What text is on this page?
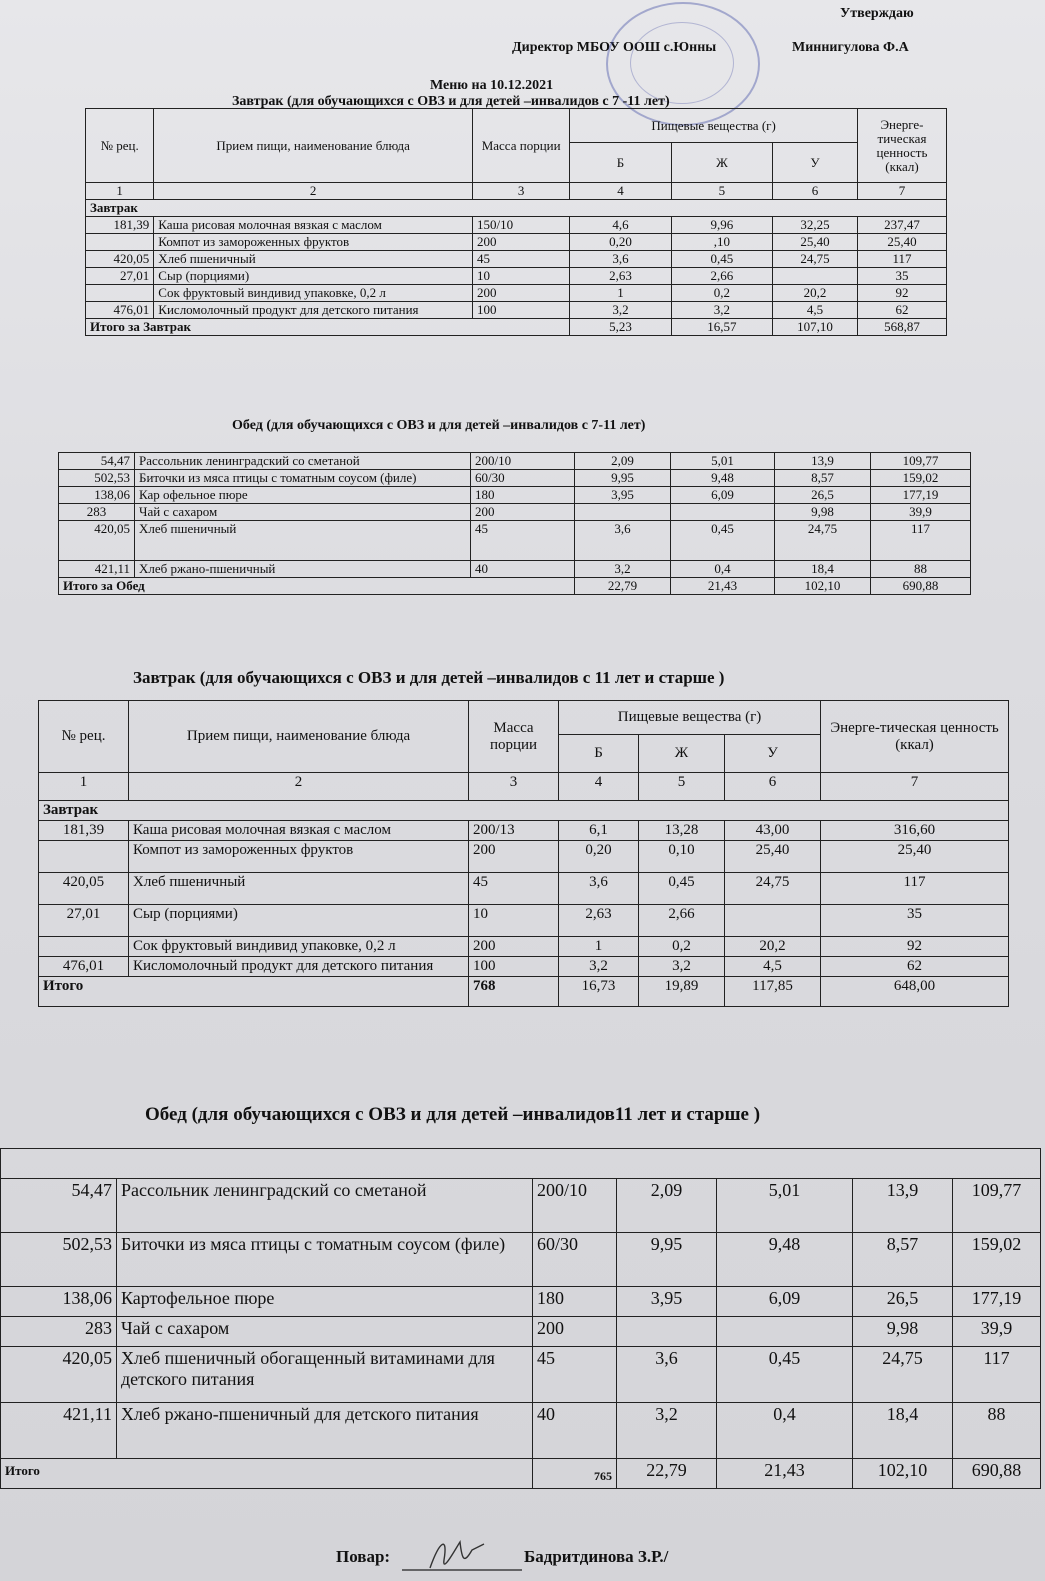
Утверждаю
Директор МБОУ ООШ с.Юнны	Миннигулова Ф.А
Меню на 10.12.2021
Завтрак (для обучающихся с ОВЗ и для детей –инвалидов с 7 -11 лет)
№ рец.	Прием пищи, наименование блюда	Масса порции	Пищевые вещества (г)			Энерге-тическая ценность (ккал)
			Б	Ж	У	
1	2	3	4	5	6	7
Завтрак						
181,39	Каша рисовая молочная вязкая с маслом	150/10	4,6	9,96	32,25	237,47
	Компот из замороженных фруктов	200	0,20	,10	25,40	25,40
420,05	Хлеб пшеничный	45	3,6	0,45	24,75	117
27,01	Сыр (порциями)	10	2,63	2,66		35
	Сок фруктовый виндивид упаковке, 0,2 л	200	1	0,2	20,2	92
476,01	Кисломолочный продукт для детского питания	100	3,2	3,2	4,5	62
Итого за Завтрак			5,23	16,57	107,10	568,87
Обед (для обучающихся с ОВЗ и для детей –инвалидов с 7-11 лет)
54,47	Рассольник ленинградский со сметаной	200/10	2,09	5,01	13,9	109,77
502,53	Биточки из мяса птицы с томатным соусом (филе)	60/30	9,95	9,48	8,57	159,02
138,06	Кар офельное пюре	180	3,95	6,09	26,5	177,19
283	Чай с сахаром	200			9,98	39,9
420,05	Хлеб пшеничный	45	3,6	0,45	24,75	117
421,11	Хлеб ржано-пшеничный	40	3,2	0,4	18,4	88
Итого за Обед			22,79	21,43	102,10	690,88
Завтрак (для обучающихся с ОВЗ и для детей –инвалидов с 11 лет и старше )
№ рец.	Прием пищи, наименование блюда	Масса порции	Пищевые вещества (г)			Энерге-тическая ценность (ккал)
			Б	Ж	У	
1	2	3	4	5	6	7
Завтрак						
181,39	Каша рисовая молочная вязкая с маслом	200/13	6,1	13,28	43,00	316,60
	Компот из замороженных фруктов	200	0,20	0,10	25,40	25,40
420,05	Хлеб пшеничный	45	3,6	0,45	24,75	117
27,01	Сыр (порциями)	10	2,63	2,66		35
	Сок фруктовый виндивид упаковке, 0,2 л	200	1	0,2	20,2	92
476,01	Кисломолочный продукт для детского питания	100	3,2	3,2	4,5	62
Итого		768	16,73	19,89	117,85	648,00
Обед (для обучающихся с ОВЗ и для детей –инвалидов11 лет и старше )

54,47	Рассольник ленинградский со сметаной	200/10	2,09	5,01	13,9	109,77
502,53	Биточки из мяса птицы с томатным соусом (филе)	60/30	9,95	9,48	8,57	159,02
138,06	Картофельное пюре	180	3,95	6,09	26,5	177,19
283	Чай с сахаром	200			9,98	39,9
420,05	Хлеб пшеничный обогащенный витаминами для детского питания	45	3,6	0,45	24,75	117
421,11	Хлеб ржано-пшеничный для детского питания	40	3,2	0,4	18,4	88
Итого		765	22,79	21,43	102,10	690,88
Повар:	Бадритдинова З.Р./
